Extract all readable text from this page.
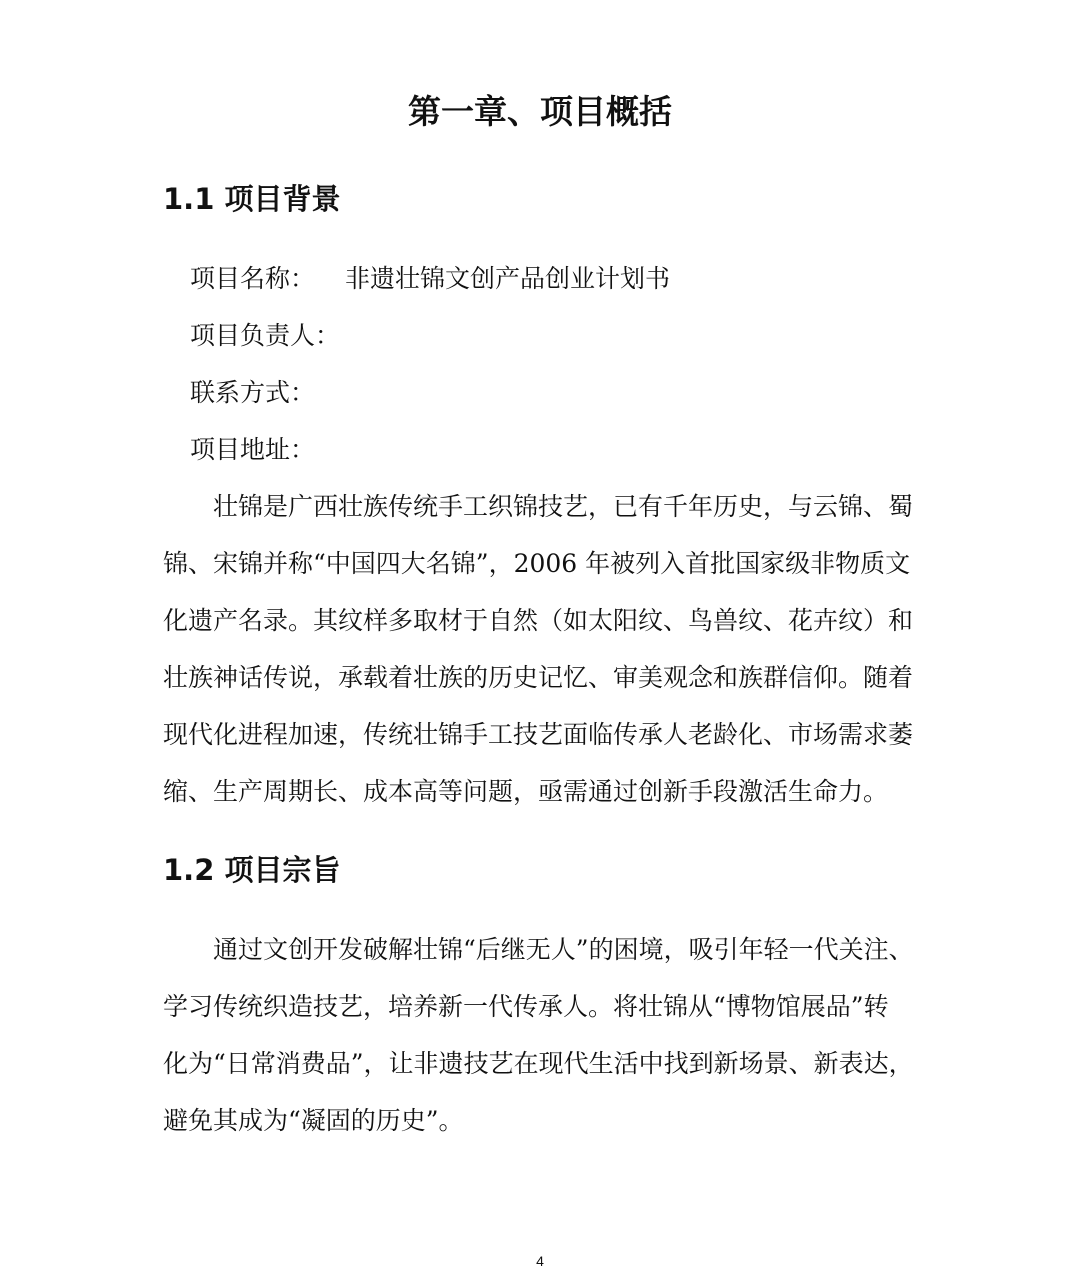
第一章、项目概括
1.1 项目背景
项目名称： 非遗壮锦文创产品创业计划书
项目负责人：
联系方式：
项目地址：
壮锦是广西壮族传统手工织锦技艺，已有千年历史，与云锦、蜀
锦、宋锦并称“中国四大名锦”，2006 年被列入首批国家级非物质文
化遗产名录。其纹样多取材于自然（如太阳纹、鸟兽纹、花卉纹）和
壮族神话传说，承载着壮族的历史记忆、审美观念和族群信仰。随着
现代化进程加速，传统壮锦手工技艺面临传承人老龄化、市场需求萎
缩、生产周期长、成本高等问题，亟需通过创新手段激活生命力。
1.2 项目宗旨
通过文创开发破解壮锦“后继无人”的困境，吸引年轻一代关注、
学习传统织造技艺，培养新一代传承人。将壮锦从“博物馆展品”转
化为“日常消费品”，让非遗技艺在现代生活中找到新场景、新表达，
避免其成为“凝固的历史”。
4
